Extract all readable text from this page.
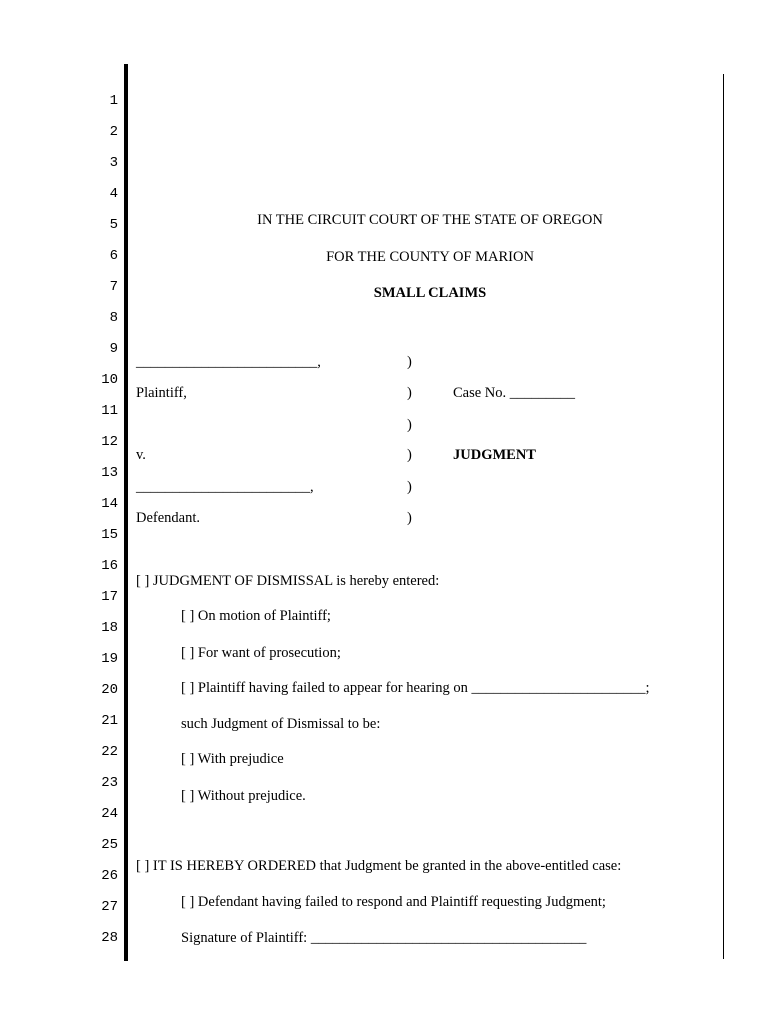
1
2
3
4
5
6
7
8
9
10
11
12
13
14
15
16
17
18
19
20
21
22
23
24
25
26
27
28
IN THE CIRCUIT COURT OF THE STATE OF OREGON
FOR THE COUNTY OF MARION
SMALL CLAIMS
_________________________,
Plaintiff,
v.
________________________,
Defendant.
)
)
)
)
)
)
Case No. _________
JUDGMENT
[ ] JUDGMENT OF DISMISSAL is hereby entered:
[ ] On motion of Plaintiff;
[ ] For want of prosecution;
[ ] Plaintiff having failed to appear for hearing on ________________________;
such Judgment of Dismissal to be:
[ ] With prejudice
[ ] Without prejudice.
[ ] IT IS HEREBY ORDERED that Judgment be granted in the above-entitled case:
[ ] Defendant having failed to respond and Plaintiff requesting Judgment;
Signature of Plaintiff: ______________________________________
